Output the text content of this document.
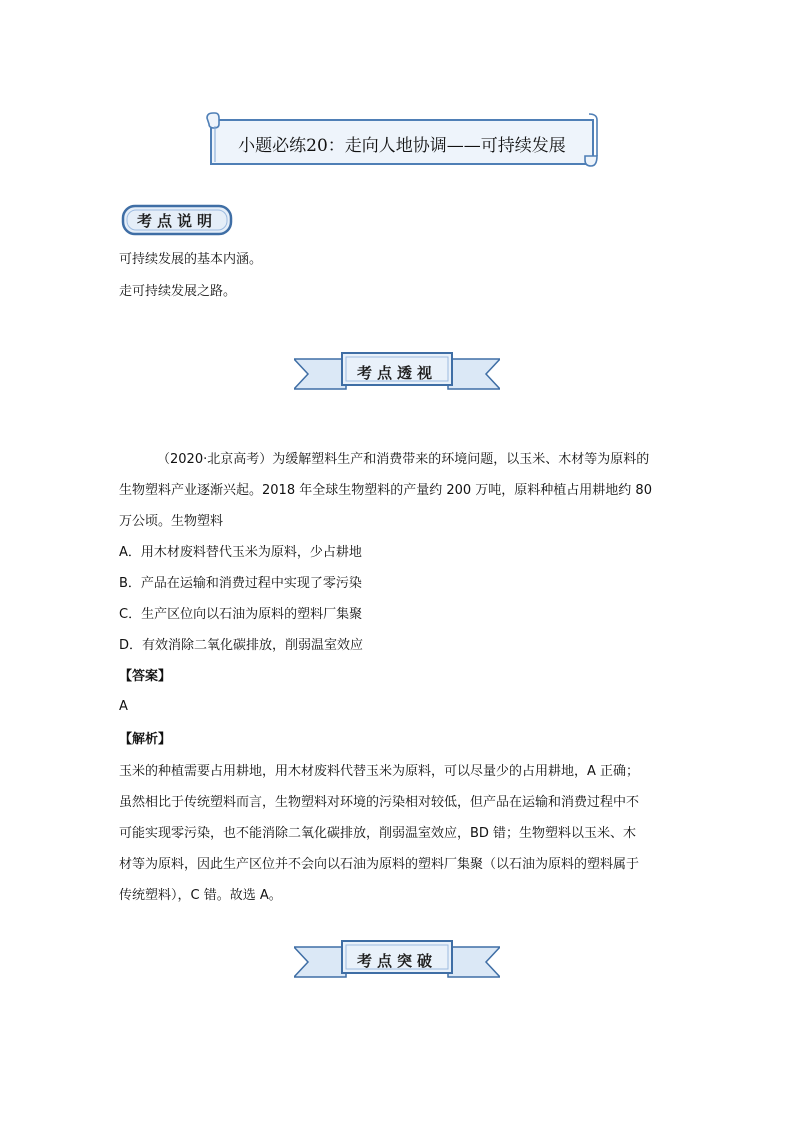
小题必练20：走向人地协调——可持续发展
考点说明
可持续发展的基本内涵。
走可持续发展之路。
考点透视
（2020·北京高考）为缓解塑料生产和消费带来的环境问题，以玉米、木材等为原料的
生物塑料产业逐渐兴起。2018 年全球生物塑料的产量约 200 万吨，原料种植占用耕地约 80
万公顷。生物塑料
A．用木材废料替代玉米为原料，少占耕地
B．产品在运输和消费过程中实现了零污染
C．生产区位向以石油为原料的塑料厂集聚
D．有效消除二氧化碳排放，削弱温室效应
【答案】
A
【解析】
玉米的种植需要占用耕地，用木材废料代替玉米为原料，可以尽量少的占用耕地，A 正确；
虽然相比于传统塑料而言，生物塑料对环境的污染相对较低，但产品在运输和消费过程中不
可能实现零污染，也不能消除二氧化碳排放，削弱温室效应，BD 错；生物塑料以玉米、木
材等为原料，因此生产区位并不会向以石油为原料的塑料厂集聚（以石油为原料的塑料属于
传统塑料），C 错。故选 A。
考点突破
